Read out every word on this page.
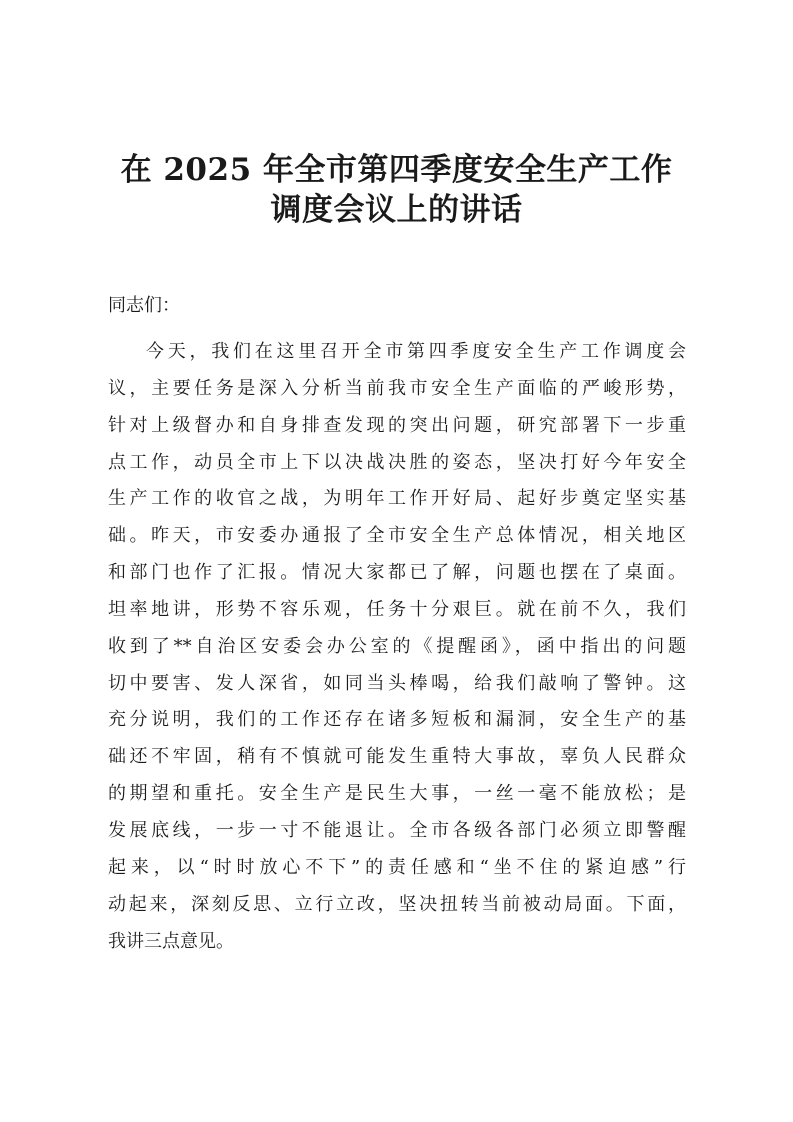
在 2025 年全市第四季度安全生产工作
调度会议上的讲话

同志们：

今天，我们在这里召开全市第四季度安全生产工作调度会
议，主要任务是深入分析当前我市安全生产面临的严峻形势，
针对上级督办和自身排查发现的突出问题，研究部署下一步重
点工作，动员全市上下以决战决胜的姿态，坚决打好今年安全
生产工作的收官之战，为明年工作开好局、起好步奠定坚实基
础。昨天，市安委办通报了全市安全生产总体情况，相关地区
和部门也作了汇报。情况大家都已了解，问题也摆在了桌面。
坦率地讲，形势不容乐观，任务十分艰巨。就在前不久，我们
收到了**自治区安委会办公室的《提醒函》，函中指出的问题
切中要害、发人深省，如同当头棒喝，给我们敲响了警钟。这
充分说明，我们的工作还存在诸多短板和漏洞，安全生产的基
础还不牢固，稍有不慎就可能发生重特大事故，辜负人民群众
的期望和重托。安全生产是民生大事，一丝一毫不能放松；是
发展底线，一步一寸不能退让。全市各级各部门必须立即警醒
起来，以“时时放心不下”的责任感和“坐不住的紧迫感”行
动起来，深刻反思、立行立改，坚决扭转当前被动局面。下面，
我讲三点意见。
